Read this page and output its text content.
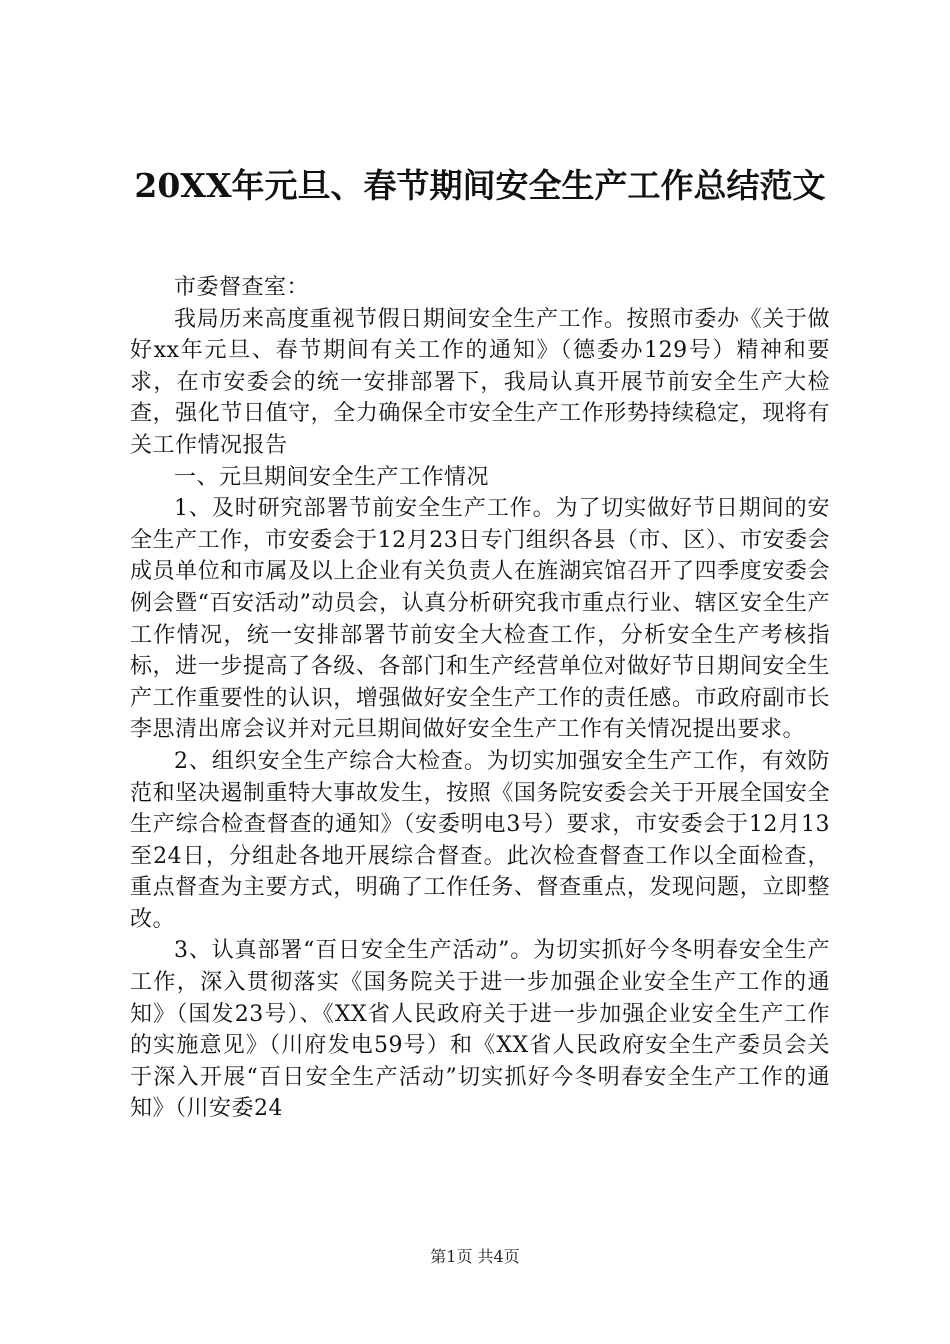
20XX年元旦、春节期间安全生产工作总结范文

市委督查室：

我局历来高度重视节假日期间安全生产工作。按照市委办《关于做好xx年元旦、春节期间有关工作的通知》（德委办129号）精神和要求，在市安委会的统一安排部署下，我局认真开展节前安全生产大检查，强化节日值守，全力确保全市安全生产工作形势持续稳定，现将有关工作情况报告

一、元旦期间安全生产工作情况

1、及时研究部署节前安全生产工作。为了切实做好节日期间的安全生产工作，市安委会于12月23日专门组织各县（市、区）、市安委会成员单位和市属及以上企业有关负责人在旌湖宾馆召开了四季度安委会例会暨“百安活动”动员会，认真分析研究我市重点行业、辖区安全生产工作情况，统一安排部署节前安全大检查工作，分析安全生产考核指标，进一步提高了各级、各部门和生产经营单位对做好节日期间安全生产工作重要性的认识，增强做好安全生产工作的责任感。市政府副市长李思清出席会议并对元旦期间做好安全生产工作有关情况提出要求。

2、组织安全生产综合大检查。为切实加强安全生产工作，有效防范和坚决遏制重特大事故发生，按照《国务院安委会关于开展全国安全生产综合检查督查的通知》（安委明电3号）要求，市安委会于12月13至24日，分组赴各地开展综合督查。此次检查督查工作以全面检查，重点督查为主要方式，明确了工作任务、督查重点，发现问题，立即整改。

3、认真部署“百日安全生产活动”。为切实抓好今冬明春安全生产工作，深入贯彻落实《国务院关于进一步加强企业安全生产工作的通知》（国发23号）、《XX省人民政府关于进一步加强企业安全生产工作的实施意见》（川府发电59号）和《XX省人民政府安全生产委员会关于深入开展“百日安全生产活动”切实抓好今冬明春安全生产工作的通知》（川安委24

第1页 共4页
